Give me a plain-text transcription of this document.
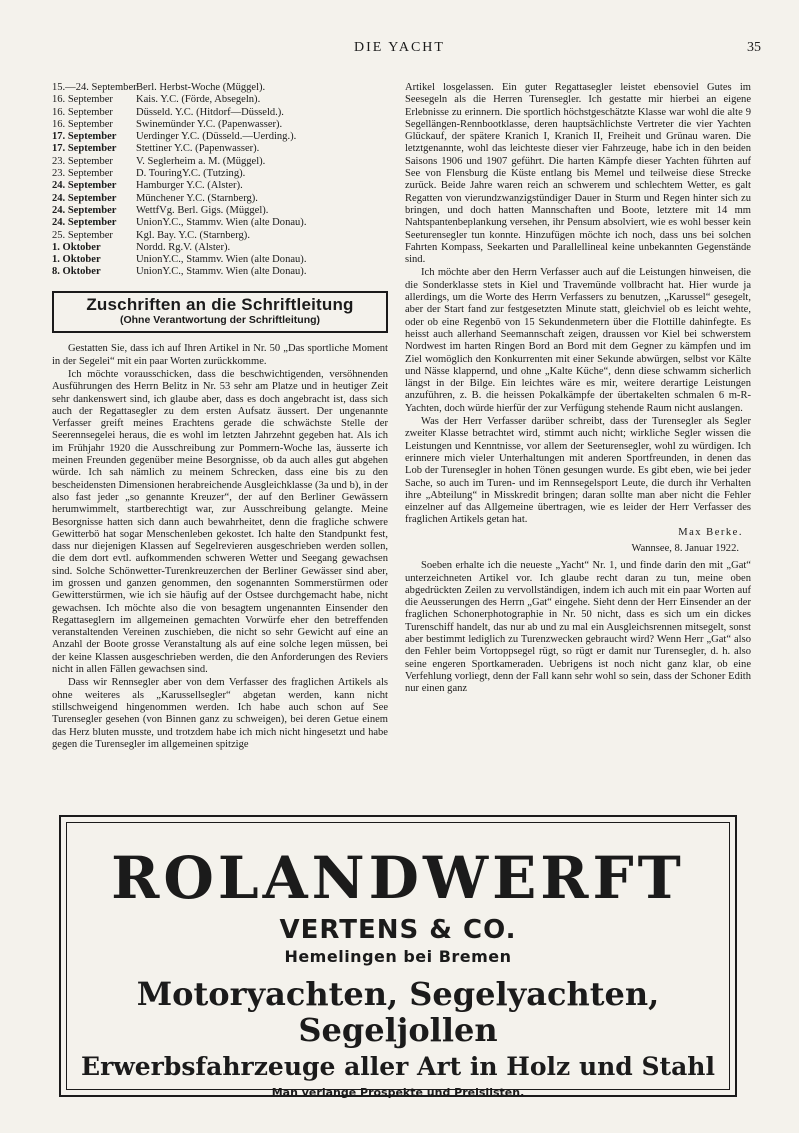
DIE YACHT	35
15.—24. September Berl. Herbst-Woche (Müggel).
16. September	Kais. Y.C. (Förde, Absegeln).
16. September	Düsseld. Y.C. (Hitdorf—Düsseld.).
16. September	Swinemünder Y.C. (Papenwasser).
17. September	Uerdinger Y.C. (Düsseld.—Uerding.).
17. September	Stettiner Y.C. (Papenwasser).
23. September	V. Seglerheim a. M. (Müggel).
23. September	D. TouringY.C. (Tutzing).
24. September	Hamburger Y.C. (Alster).
24. September	Münchener Y.C. (Starnberg).
24. September	WettfVg. Berl. Gigs. (Müggel).
24. September	UnionY.C., Stammv. Wien (alte Donau).
25. September	Kgl. Bay. Y.C. (Starnberg).
1. Oktober	Nordd. Rg.V. (Alster).
1. Oktober	UnionY.C., Stammv. Wien (alte Donau).
8. Oktober	UnionY.C., Stammv. Wien (alte Donau).
Zuschriften an die Schriftleitung
(Ohne Verantwortung der Schriftleitung)

Gestatten Sie, dass ich auf Ihren Artikel in Nr. 50 „Das sportliche Moment in der Segelei“ mit ein paar Worten zurückkomme.

Ich möchte vorausschicken, dass die beschwichtigenden, versöhnenden Ausführungen des Herrn Belitz in Nr. 53 sehr am Platze und in heutiger Zeit sehr dankenswert sind, ich glaube aber, dass es doch angebracht ist, dass sich auch der Regattasegler zu dem ersten Aufsatz äussert. Der ungenannte Verfasser greift meines Erachtens gerade die schwächste Stelle der Seerennsegelei heraus, die es wohl im letzten Jahrzehnt gegeben hat. Als ich im Frühjahr 1920 die Ausschreibung zur Pommern-Woche las, äusserte ich meinen Freunden gegenüber meine Besorgnisse, ob da auch alles gut abgehen würde. Ich sah nämlich zu meinem Schrecken, dass eine bis zu den bescheidensten Dimensionen herabreichende Ausgleichklasse (3a und b), in der also fast jeder „so genannte Kreuzer“, der auf den Berliner Gewässern herumwimmelt, startberechtigt war, zur Ausschreibung gelangte. Meine Besorgnisse hatten sich dann auch bewahrheitet, denn die fragliche schwere Gewitterbö hat sogar Menschenleben gekostet. Ich halte den Standpunkt fest, dass nur diejenigen Klassen auf Segelrevieren ausgeschrieben werden sollen, die dem dort evtl. aufkommenden schweren Wetter und Seegang gewachsen sind. Solche Schönwetter-Turenkreuzerchen der Berliner Gewässer sind aber, im grossen und ganzen genommen, den sogenannten Sommerstürmen oder Gewitterstürmen, wie ich sie häufig auf der Ostsee durchgemacht habe, nicht gewachsen. Ich möchte also die von besagtem ungenannten Einsender den Regattaseglern im allgemeinen gemachten Vorwürfe eher den betreffenden veranstaltenden Vereinen zuschieben, die nicht so sehr Gewicht auf eine an Anzahl der Boote grosse Veranstaltung als auf eine solche legen müssen, bei der keine Klassen ausgeschrieben werden, die den Anforderungen des Reviers nicht in allen Fällen gewachsen sind.

Dass wir Rennsegler aber von dem Verfasser des fraglichen Artikels als ohne weiteres als „Karussellsegler“ abgetan werden, kann nicht stillschweigend hingenommen werden. Ich habe auch schon auf See Turensegler gesehen (von Binnen ganz zu schweigen), bei deren Getue einem das Herz bluten musste, und trotzdem habe ich mich nicht hingesetzt und habe gegen die Turensegler im allgemeinen spitzige

Artikel losgelassen. Ein guter Regattasegler leistet ebensoviel Gutes im Seesegeln als die Herren Turensegler. Ich gestatte mir hierbei an eigene Erlebnisse zu erinnern. Die sportlich höchstgeschätzte Klasse war wohl die alte 9 Segellängen-Rennbootklasse, deren hauptsächlichste Vertreter die vier Yachten Glückauf, der spätere Kranich I, Kranich II, Freiheit und Grünau waren. Die letztgenannte, wohl das leichteste dieser vier Fahrzeuge, habe ich in den beiden Saisons 1906 und 1907 geführt. Die harten Kämpfe dieser Yachten führten auf See von Flensburg die Küste entlang bis Memel und teilweise diese Strecke zurück. Beide Jahre waren reich an schwerem und schlechtem Wetter, es galt Regatten von vierundzwanzigstündiger Dauer in Sturm und Regen hinter sich zu bringen, und doch hatten Mannschaften und Boote, letztere mit 14 mm Nahtspantenbeplankung versehen, ihr Pensum absolviert, wie es wohl besser kein Seeturensegler tun konnte. Hinzufügen möchte ich noch, dass uns bei solchen Fahrten Kompass, Seekarten und Parallellineal keine unbekannten Gegenstände sind.

Ich möchte aber den Herrn Verfasser auch auf die Leistungen hinweisen, die die Sonderklasse stets in Kiel und Travemünde vollbracht hat. Hier wurde ja allerdings, um die Worte des Herrn Verfassers zu benutzen, „Karussel“ gesegelt, aber der Start fand zur festgesetzten Minute statt, gleichviel ob es leicht wehte, oder ob eine Regenbö von 15 Sekundenmetern über die Flottille dahinfegte. Es heisst auch allerhand Seemannschaft zeigen, draussen vor Kiel bei schwerstem Nordwest im harten Ringen Bord an Bord mit dem Gegner zu kämpfen und im Ziel womöglich den Konkurrenten mit einer Sekunde abwürgen, selbst vor Kälte und Nässe klappernd, und ohne „Kalte Küche“, denn diese schwamm sicherlich längst in der Bilge. Ein leichtes wäre es mir, weitere derartige Leistungen anzuführen, z. B. die heissen Pokalkämpfe der übertakelten schmalen 6 m-R-Yachten, doch würde hierfür der zur Verfügung stehende Raum nicht auslangen.

Was der Herr Verfasser darüber schreibt, dass der Turensegler als Segler zweiter Klasse betrachtet wird, stimmt auch nicht; wirkliche Segler wissen die Leistungen und Kenntnisse, vor allem der Seeturensegler, wohl zu würdigen. Ich erinnere mich vieler Unterhaltungen mit anderen Sportfreunden, in denen das Lob der Turensegler in hohen Tönen gesungen wurde. Es gibt eben, wie bei jeder Sache, so auch im Turen- und im Rennsegelsport Leute, die durch ihr Verhalten ihre „Abteilung“ in Misskredit bringen; daran sollte man aber nicht die Fehler einzelner auf das Allgemeine übertragen, wie es leider der Herr Verfasser des fraglichen Artikels getan hat.

Max Berke.
Wannsee, 8. Januar 1922.

Soeben erhalte ich die neueste „Yacht“ Nr. 1, und finde darin den mit „Gat“ unterzeichneten Artikel vor. Ich glaube recht daran zu tun, meine oben abgedrückten Zeilen zu vervollständigen, indem ich auch mit ein paar Worten auf die Aeusserungen des Herrn „Gat“ eingehe. Sieht denn der Herr Einsender an der fraglichen Schonerphotographie in Nr. 50 nicht, dass es sich um ein dickes Turenschiff handelt, das nur ab und zu mal ein Ausgleichsrennen mitsegelt, sonst aber bestimmt lediglich zu Turenzwecken gebraucht wird? Wenn Herr „Gat“ also den Fehler beim Vortoppsegel rügt, so rügt er damit nur Turensegler, d. h. also seine engeren Sportkameraden. Uebrigens ist noch nicht ganz klar, ob eine Verfehlung vorliegt, denn der Fall kann sehr wohl so sein, dass der Schoner Edith nur einen ganz

ROLANDWERFT
VERTENS & CO.
Hemelingen bei Bremen
Motoryachten, Segelyachten, Segeljollen
Erwerbsfahrzeuge aller Art in Holz und Stahl
Man verlange Prospekte und Preislisten.
